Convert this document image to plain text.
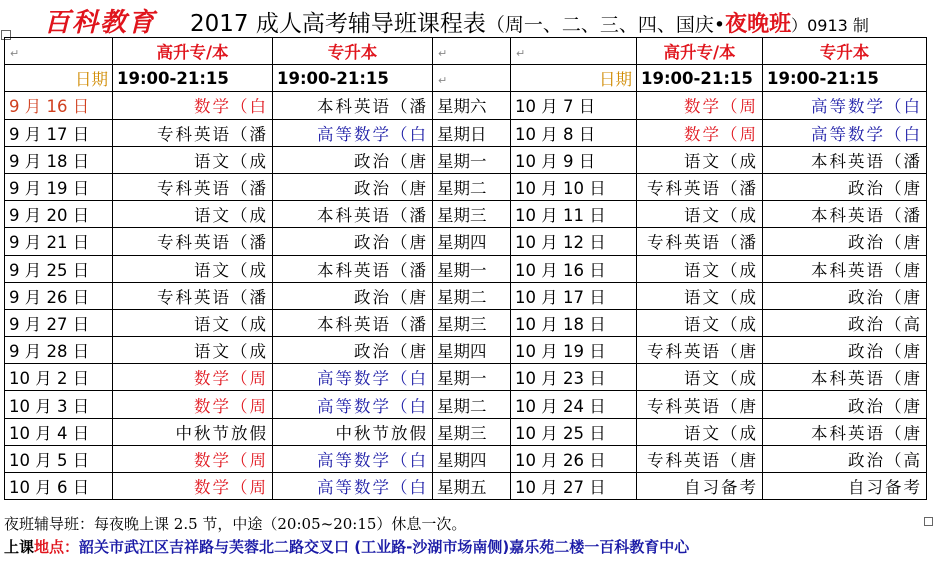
百科教育 2017 成人高考辅导班课程表（周一、二、三、四、国庆•夜晚班）0913 制
↵	高升专/本	专升本	↵	↵	高升专/本	专升本
日期	19:00-21:15	19:00-21:15	↵	日期	19:00-21:15	19:00-21:15
9 月 16 日	数学（白	本科英语（潘	星期六	10 月 7 日	数学（周	高等数学（白
9 月 17 日	专科英语（潘	高等数学（白	星期日	10 月 8 日	数学（周	高等数学（白
9 月 18 日	语文（成	政治（唐	星期一	10 月 9 日	语文（成	本科英语（潘
9 月 19 日	专科英语（潘	政治（唐	星期二	10 月 10 日	专科英语（潘	政治（唐
9 月 20 日	语文（成	本科英语（潘	星期三	10 月 11 日	语文（成	本科英语（潘
9 月 21 日	专科英语（潘	政治（唐	星期四	10 月 12 日	专科英语（潘	政治（唐
9 月 25 日	语文（成	本科英语（潘	星期一	10 月 16 日	语文（成	本科英语（唐
9 月 26 日	专科英语（潘	政治（唐	星期二	10 月 17 日	语文（成	政治（唐
9 月 27 日	语文（成	本科英语（潘	星期三	10 月 18 日	语文（成	政治（高
9 月 28 日	语文（成	政治（唐	星期四	10 月 19 日	专科英语（唐	政治（唐
10 月 2 日	数学（周	高等数学（白	星期一	10 月 23 日	语文（成	本科英语（唐
10 月 3 日	数学（周	高等数学（白	星期二	10 月 24 日	专科英语（唐	政治（唐
10 月 4 日	中秋节放假	中秋节放假	星期三	10 月 25 日	语文（成	本科英语（唐
10 月 5 日	数学（周	高等数学（白	星期四	10 月 26 日	专科英语（唐	政治（高
10 月 6 日	数学（周	高等数学（白	星期五	10 月 27 日	自习备考	自习备考
夜班辅导班：每夜晚上课 2.5 节，中途（20:05~20:15）休息一次。
上课地点：韶关市武江区吉祥路与芙蓉北二路交叉口 (工业路-沙湖市场南侧)嘉乐苑二楼一百科教育中心
